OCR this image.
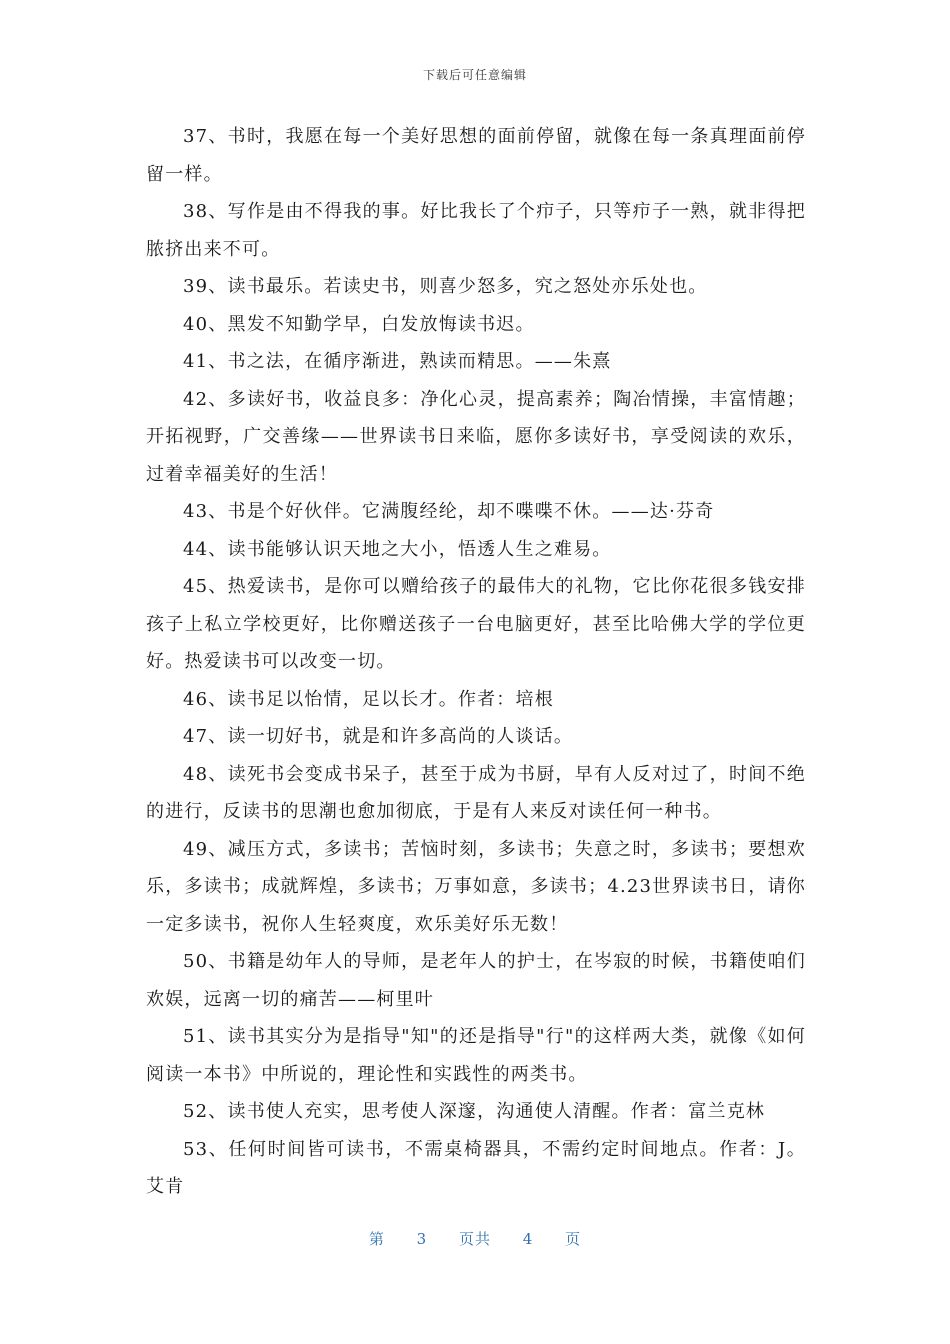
下载后可任意编辑

37、书时，我愿在每一个美好思想的面前停留，就像在每一条真理面前停留一样。

38、写作是由不得我的事。好比我长了个疖子，只等疖子一熟，就非得把脓挤出来不可。

39、读书最乐。若读史书，则喜少怒多，究之怒处亦乐处也。

40、黑发不知勤学早，白发放悔读书迟。

41、书之法，在循序渐进，熟读而精思。——朱熹

42、多读好书，收益良多：净化心灵，提高素养；陶冶情操，丰富情趣；开拓视野，广交善缘——世界读书日来临，愿你多读好书，享受阅读的欢乐，过着幸福美好的生活！

43、书是个好伙伴。它满腹经纶，却不喋喋不休。——达·芬奇

44、读书能够认识天地之大小，悟透人生之难易。

45、热爱读书，是你可以赠给孩子的最伟大的礼物，它比你花很多钱安排孩子上私立学校更好，比你赠送孩子一台电脑更好，甚至比哈佛大学的学位更好。热爱读书可以改变一切。

46、读书足以怡情，足以长才。作者：培根

47、读一切好书，就是和许多高尚的人谈话。

48、读死书会变成书呆子，甚至于成为书厨，早有人反对过了，时间不绝的进行，反读书的思潮也愈加彻底，于是有人来反对读任何一种书。

49、减压方式，多读书；苦恼时刻，多读书；失意之时，多读书；要想欢乐，多读书；成就辉煌，多读书；万事如意，多读书；4.23世界读书日，请你一定多读书，祝你人生轻爽度，欢乐美好乐无数！

50、书籍是幼年人的导师，是老年人的护士，在岑寂的时候，书籍使咱们欢娱，远离一切的痛苦——柯里叶

51、读书其实分为是指导"知"的还是指导"行"的这样两大类，就像《如何阅读一本书》中所说的，理论性和实践性的两类书。

52、读书使人充实，思考使人深邃，沟通使人清醒。作者：富兰克林

53、任何时间皆可读书，不需桌椅器具，不需约定时间地点。作者：J。艾肯

第 3 页共 4 页
